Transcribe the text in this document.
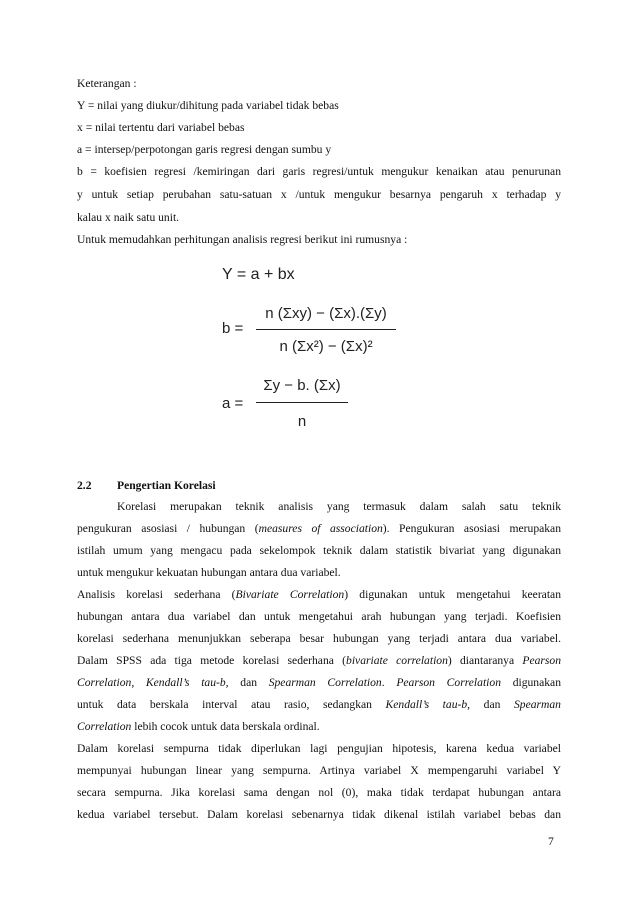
Keterangan :
Y = nilai yang diukur/dihitung pada variabel tidak bebas
x = nilai tertentu dari variabel bebas
a = intersep/perpotongan garis regresi dengan sumbu y
b = koefisien regresi /kemiringan dari garis regresi/untuk mengukur kenaikan atau penurunan
y untuk setiap perubahan satu-satuan x /untuk mengukur besarnya pengaruh x terhadap y
kalau x naik satu unit.
Untuk memudahkan perhitungan analisis regresi berikut ini rumusnya :
Y = a + bx
b =
n (Σxy) − (Σx).(Σy)
n (Σx²) − (Σx)²
a =
Σy − b. (Σx)
n
2.2 Pengertian Korelasi
Korelasi merupakan teknik analisis yang termasuk dalam salah satu teknik
pengukuran asosiasi / hubungan (measures of association). Pengukuran asosiasi merupakan
istilah umum yang mengacu pada sekelompok teknik dalam statistik bivariat yang digunakan
untuk mengukur kekuatan hubungan antara dua variabel.
Analisis korelasi sederhana (Bivariate Correlation) digunakan untuk mengetahui keeratan
hubungan antara dua variabel dan untuk mengetahui arah hubungan yang terjadi. Koefisien
korelasi sederhana menunjukkan seberapa besar hubungan yang terjadi antara dua variabel.
Dalam SPSS ada tiga metode korelasi sederhana (bivariate correlation) diantaranya Pearson
Correlation, Kendall’s tau-b, dan Spearman Correlation. Pearson Correlation digunakan
untuk data berskala interval atau rasio, sedangkan Kendall’s tau-b, dan Spearman
Correlation lebih cocok untuk data berskala ordinal.
Dalam korelasi sempurna tidak diperlukan lagi pengujian hipotesis, karena kedua variabel
mempunyai hubungan linear yang sempurna. Artinya variabel X mempengaruhi variabel Y
secara sempurna. Jika korelasi sama dengan nol (0), maka tidak terdapat hubungan antara
kedua variabel tersebut. Dalam korelasi sebenarnya tidak dikenal istilah variabel bebas dan
7
